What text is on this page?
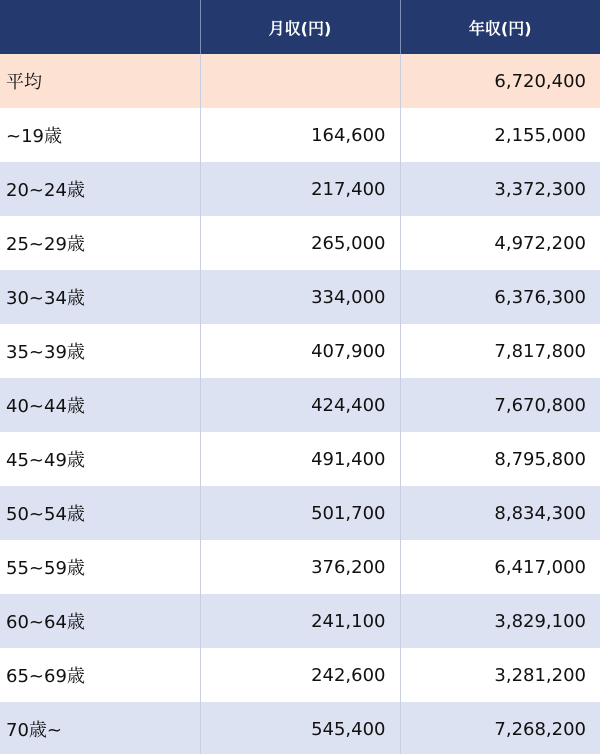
	月収(円)	年収(円)
平均		6,720,400
~19歳	164,600	2,155,000
20~24歳	217,400	3,372,300
25~29歳	265,000	4,972,200
30~34歳	334,000	6,376,300
35~39歳	407,900	7,817,800
40~44歳	424,400	7,670,800
45~49歳	491,400	8,795,800
50~54歳	501,700	8,834,300
55~59歳	376,200	6,417,000
60~64歳	241,100	3,829,100
65~69歳	242,600	3,281,200
70歳~	545,400	7,268,200
